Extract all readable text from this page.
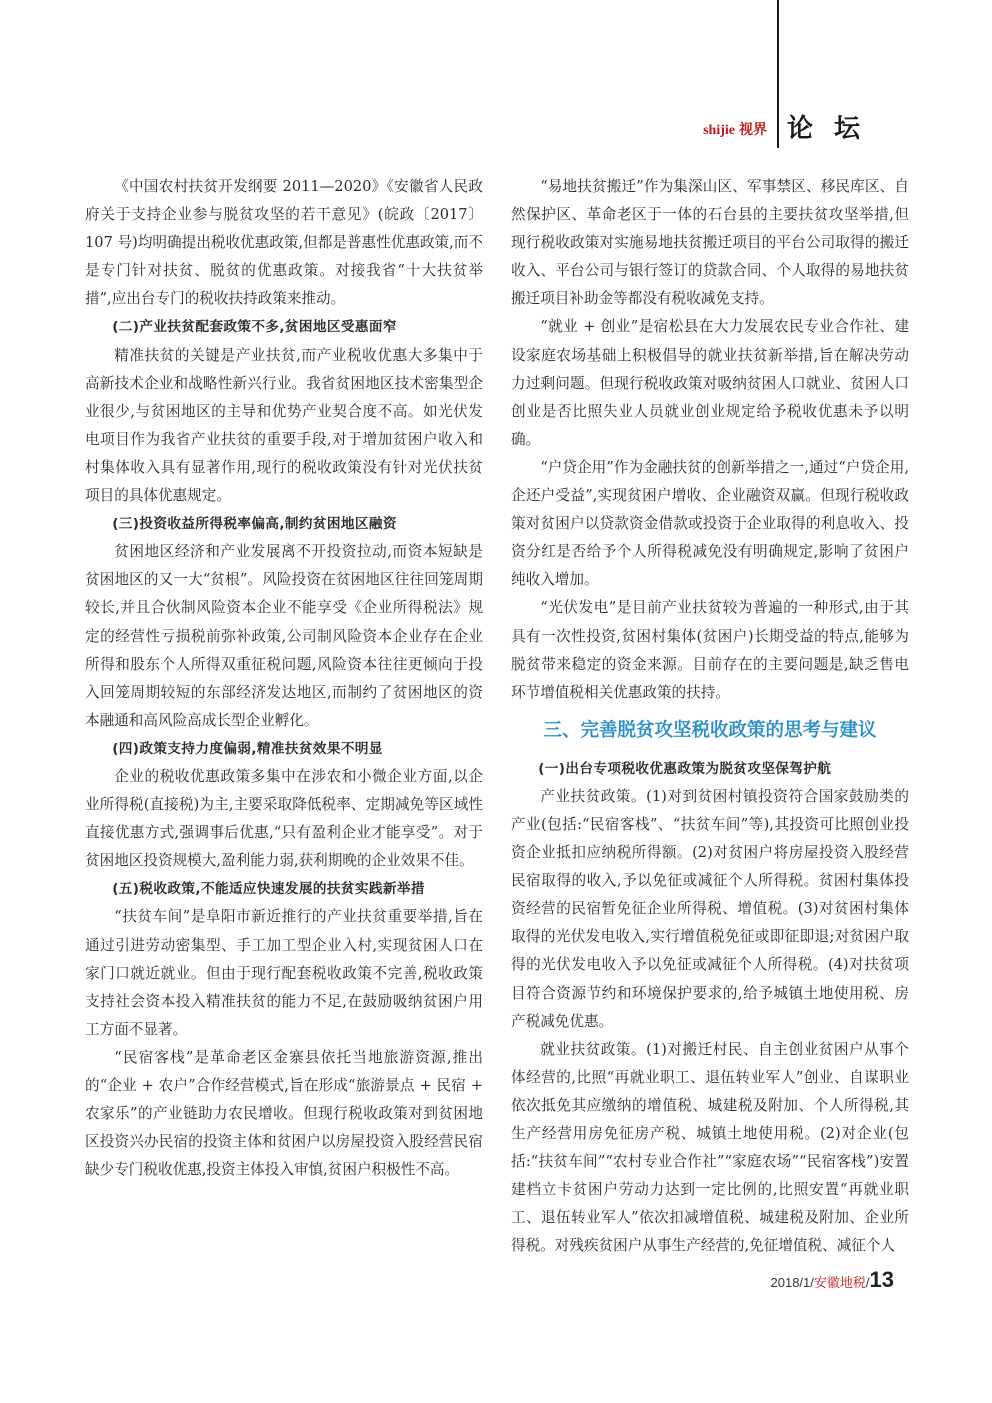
shijie 视界 论 坛

《中国农村扶贫开发纲要 2011—2020》《安徽省人民政府关于支持企业参与脱贫攻坚的若干意见》(皖政〔2017〕107 号)均明确提出税收优惠政策,但都是普惠性优惠政策,而不是专门针对扶贫、脱贫的优惠政策。对接我省“十大扶贫举措”,应出台专门的税收扶持政策来推动。

(二)产业扶贫配套政策不多,贫困地区受惠面窄

精准扶贫的关键是产业扶贫,而产业税收优惠大多集中于高新技术企业和战略性新兴行业。我省贫困地区技术密集型企业很少,与贫困地区的主导和优势产业契合度不高。如光伏发电项目作为我省产业扶贫的重要手段,对于增加贫困户收入和村集体收入具有显著作用,现行的税收政策没有针对光伏扶贫项目的具体优惠规定。

(三)投资收益所得税率偏高,制约贫困地区融资

贫困地区经济和产业发展离不开投资拉动,而资本短缺是贫困地区的又一大“贫根”。风险投资在贫困地区往往回笼周期较长,并且合伙制风险资本企业不能享受《企业所得税法》规定的经营性亏损税前弥补政策,公司制风险资本企业存在企业所得和股东个人所得双重征税问题,风险资本往往更倾向于投入回笼周期较短的东部经济发达地区,而制约了贫困地区的资本融通和高风险高成长型企业孵化。

(四)政策支持力度偏弱,精准扶贫效果不明显

企业的税收优惠政策多集中在涉农和小微企业方面,以企业所得税(直接税)为主,主要采取降低税率、定期减免等区域性直接优惠方式,强调事后优惠,“只有盈利企业才能享受”。对于贫困地区投资规模大,盈利能力弱,获利期晚的企业效果不佳。

(五)税收政策,不能适应快速发展的扶贫实践新举措

“扶贫车间”是阜阳市新近推行的产业扶贫重要举措,旨在通过引进劳动密集型、手工加工型企业入村,实现贫困人口在家门口就近就业。但由于现行配套税收政策不完善,税收政策支持社会资本投入精准扶贫的能力不足,在鼓励吸纳贫困户用工方面不显著。

“民宿客栈”是革命老区金寨县依托当地旅游资源,推出的“企业 + 农户”合作经营模式,旨在形成“旅游景点 + 民宿 + 农家乐”的产业链助力农民增收。但现行税收政策对到贫困地区投资兴办民宿的投资主体和贫困户以房屋投资入股经营民宿缺少专门税收优惠,投资主体投入审慎,贫困户积极性不高。

“易地扶贫搬迁”作为集深山区、军事禁区、移民库区、自然保护区、革命老区于一体的石台县的主要扶贫攻坚举措,但现行税收政策对实施易地扶贫搬迁项目的平台公司取得的搬迁收入、平台公司与银行签订的贷款合同、个人取得的易地扶贫搬迁项目补助金等都没有税收减免支持。

“就业 + 创业”是宿松县在大力发展农民专业合作社、建设家庭农场基础上积极倡导的就业扶贫新举措,旨在解决劳动力过剩问题。但现行税收政策对吸纳贫困人口就业、贫困人口创业是否比照失业人员就业创业规定给予税收优惠未予以明确。

“户贷企用”作为金融扶贫的创新举措之一,通过“户贷企用,企还户受益”,实现贫困户增收、企业融资双赢。但现行税收政策对贫困户以贷款资金借款或投资于企业取得的利息收入、投资分红是否给予个人所得税减免没有明确规定,影响了贫困户纯收入增加。

“光伏发电”是目前产业扶贫较为普遍的一种形式,由于其具有一次性投资,贫困村集体(贫困户)长期受益的特点,能够为脱贫带来稳定的资金来源。目前存在的主要问题是,缺乏售电环节增值税相关优惠政策的扶持。

三、完善脱贫攻坚税收政策的思考与建议

(一)出台专项税收优惠政策为脱贫攻坚保驾护航

产业扶贫政策。(1)对到贫困村镇投资符合国家鼓励类的产业(包括:“民宿客栈”、“扶贫车间”等),其投资可比照创业投资企业抵扣应纳税所得额。(2)对贫困户将房屋投资入股经营民宿取得的收入,予以免征或减征个人所得税。贫困村集体投资经营的民宿暂免征企业所得税、增值税。(3)对贫困村集体取得的光伏发电收入,实行增值税免征或即征即退;对贫困户取得的光伏发电收入予以免征或减征个人所得税。(4)对扶贫项目符合资源节约和环境保护要求的,给予城镇土地使用税、房产税减免优惠。

就业扶贫政策。(1)对搬迁村民、自主创业贫困户从事个体经营的,比照“再就业职工、退伍转业军人”创业、自谋职业依次抵免其应缴纳的增值税、城建税及附加、个人所得税,其生产经营用房免征房产税、城镇土地使用税。(2)对企业(包括:“扶贫车间”“农村专业合作社”“家庭农场”“民宿客栈”)安置建档立卡贫困户劳动力达到一定比例的,比照安置“再就业职工、退伍转业军人”依次扣减增值税、城建税及附加、企业所得税。对残疾贫困户从事生产经营的,免征增值税、减征个人

2018/1/安徽地税/13
